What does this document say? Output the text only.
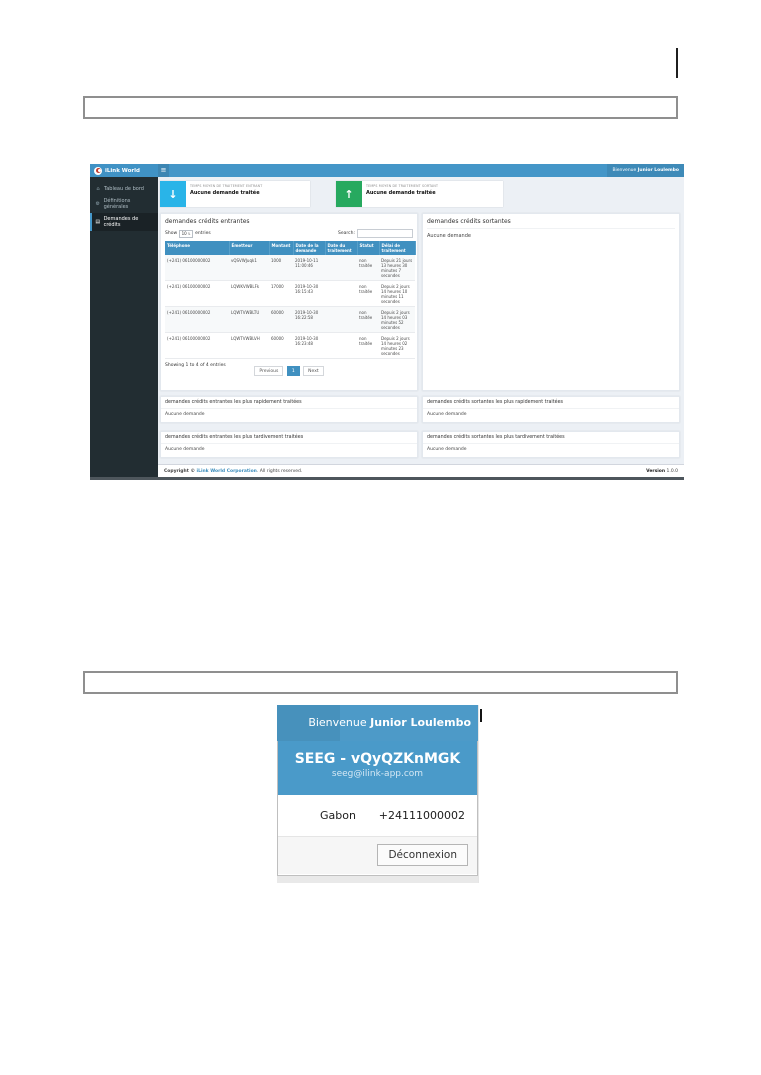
iLink World	≡	Bienvenue Junior Loulembo
⌂ Tableau de bord
⚙ Définitions générales
▤ Demandes de crédits
↓
TEMPS MOYEN DE TRAITEMENT ENTRANT
Aucune demande traitée	↑
TEMPS MOYEN DE TRAITEMENT SORTANT
Aucune demande traitée
demandes crédits entrantes
Show 10 ⇅ entries	Search:
Téléphone	Émetteur	Montant	Date de la demande	Date du traitement	Statut	Délai de traitement
(+241) 06100000002	vQSVWJuqk1	1000	2019-10-11 11:00:46		non traitée	Depuis 21 jours 13 heures 30 minutes 7 secondes
(+241) 06100000002	LQWKVWBLFk	17000	2019-10-30 16:15:43		non traitée	Depuis 2 jours 14 heures 10 minutes 11 secondes
(+241) 06100000002	LQWTVWBLTU	60000	2019-10-30 16:22:58		non traitée	Depuis 2 jours 14 heures 03 minutes 52 secondes
(+241) 06100000002	LQWTVWBLVH	60000	2019-10-30 16:23:48		non traitée	Depuis 2 jours 14 heures 02 minutes 23 secondes
Showing 1 to 4 of 4 entries
Previous	1	Next
demandes crédits sortantes
Aucune demande
demandes crédits entrantes les plus rapidement traitées
Aucune demande
demandes crédits sortantes les plus rapidement traitées
Aucune demande
demandes crédits entrantes les plus tardivement traitées
Aucune demande
demandes crédits sortantes les plus tardivement traitées
Aucune demande
Copyright © iLink World Corporation. All rights reserved.	Version 1.0.0
Bienvenue Junior Loulembo
SEEG - vQyQZKnMGK
seeg@ilink-app.com
Gabon +24111000002
Déconnexion
